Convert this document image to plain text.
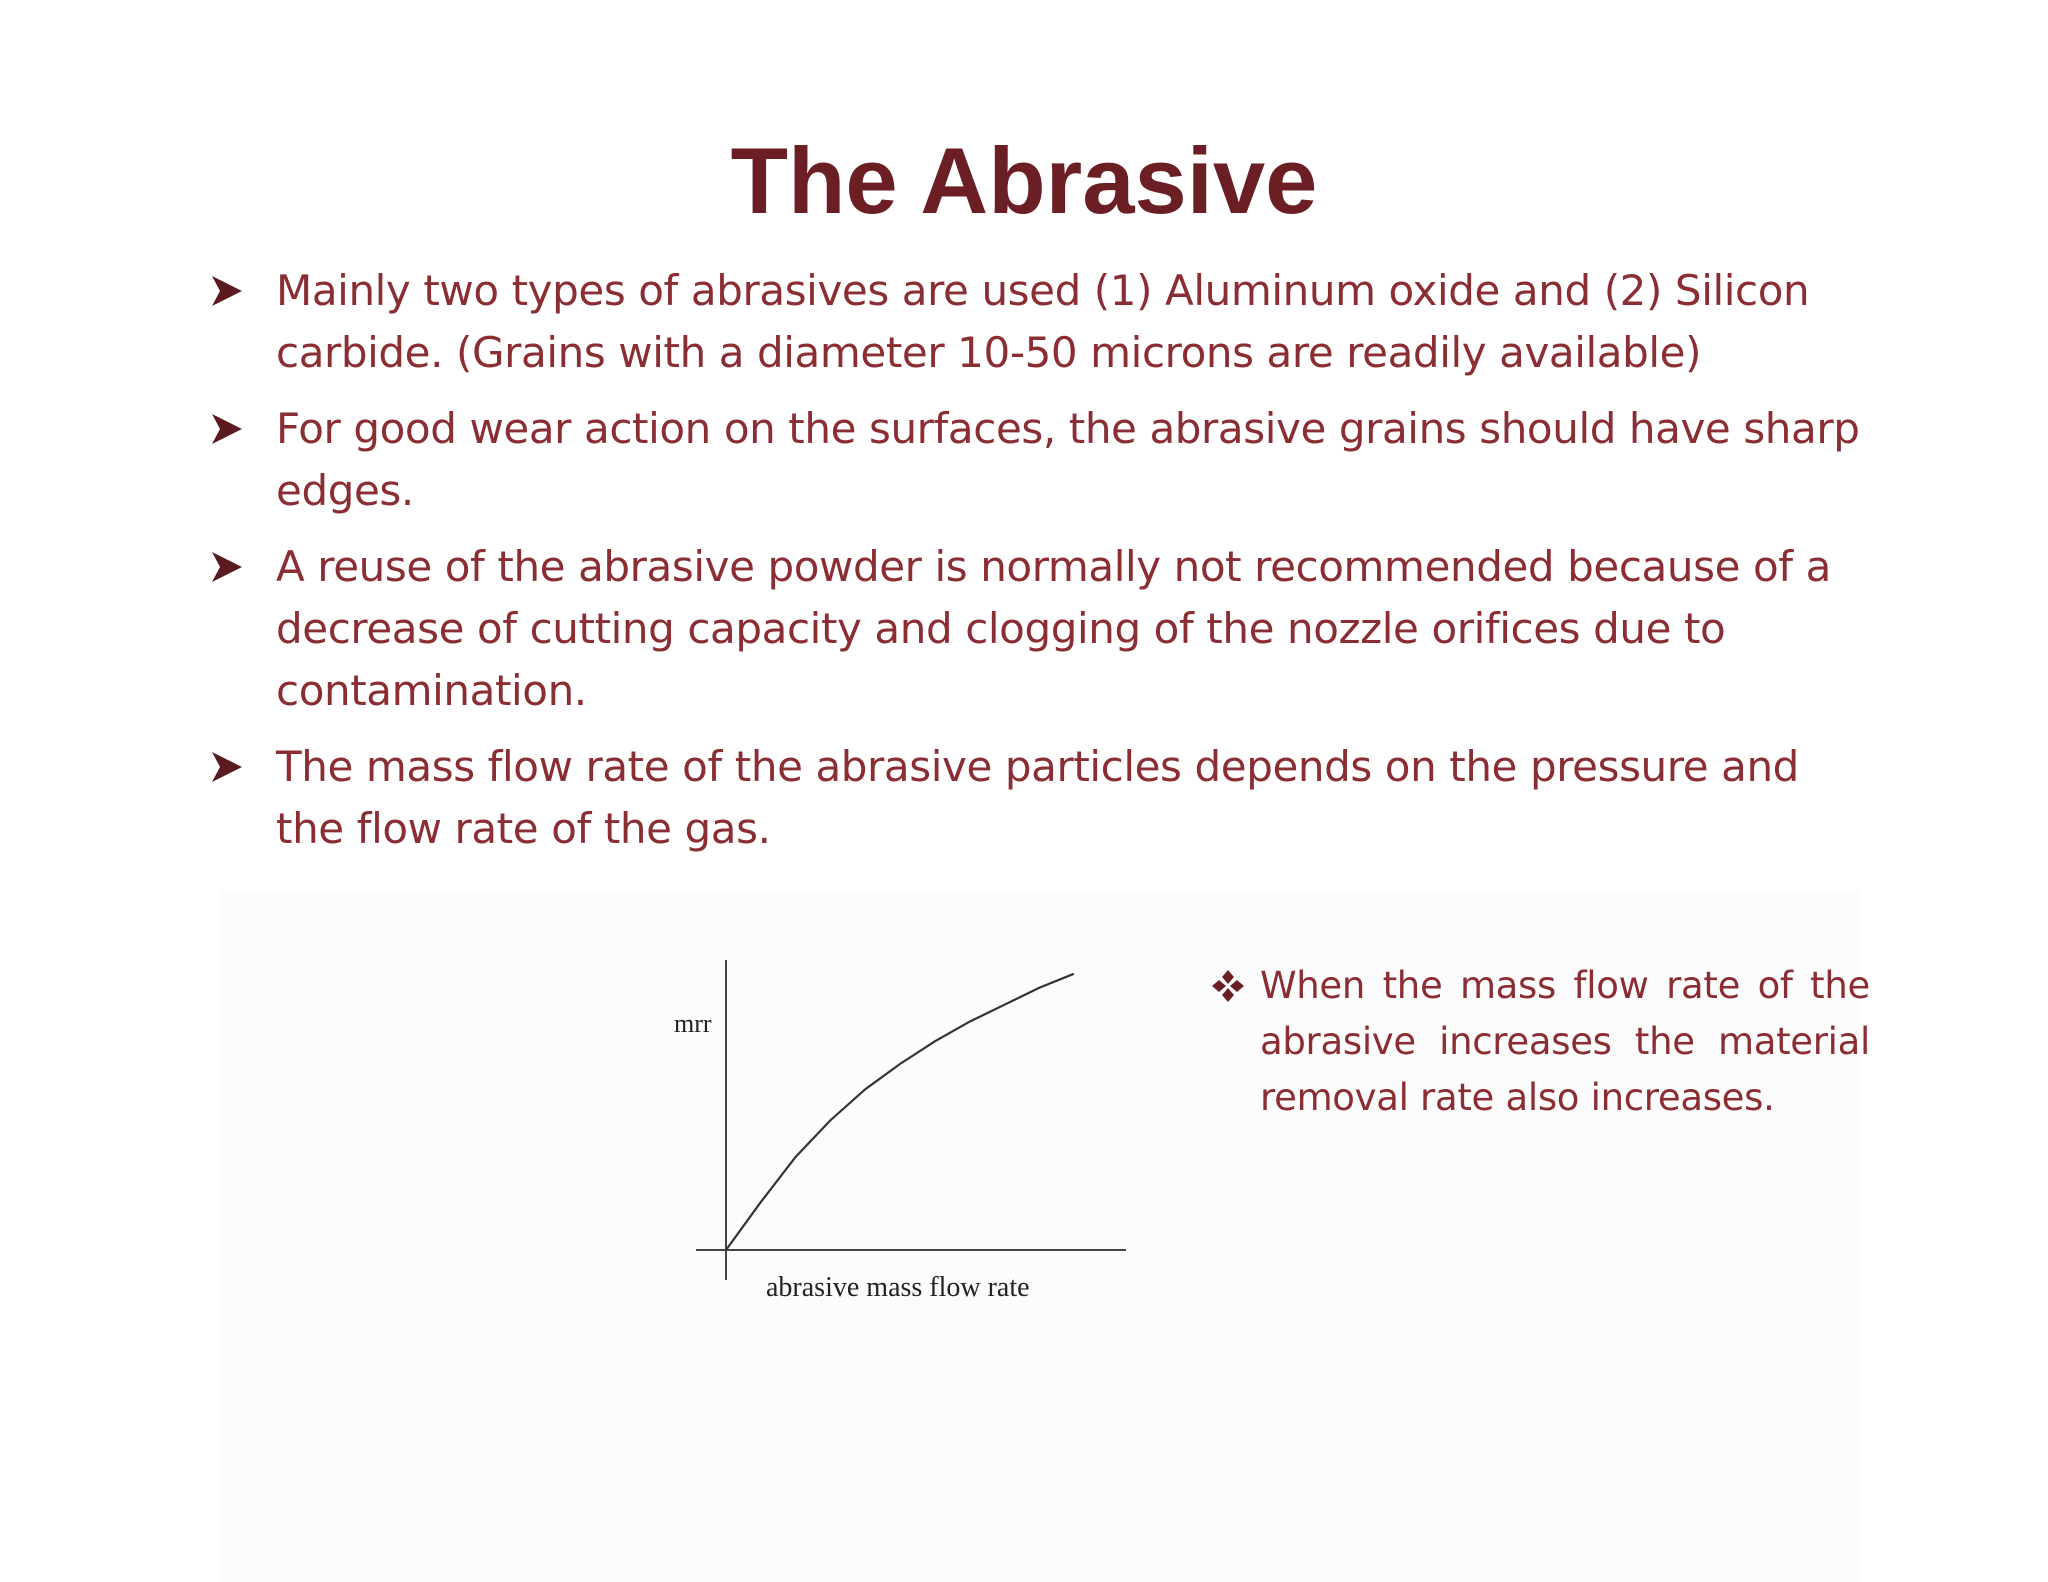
The Abrasive
Mainly two types of abrasives are used (1) Aluminum oxide and (2) Silicon carbide. (Grains with a diameter 10-50 microns are readily available)
For good wear action on the surfaces, the abrasive grains should have sharp edges.
A reuse of the abrasive powder is normally not recommended because of a decrease of cutting capacity and clogging of the nozzle orifices due to contamination.
The mass flow rate of the abrasive particles depends on the pressure and the flow rate of the gas.
mrr
abrasive mass flow rate
When the mass flow rate of the abrasive increases the material removal rate also increases.
